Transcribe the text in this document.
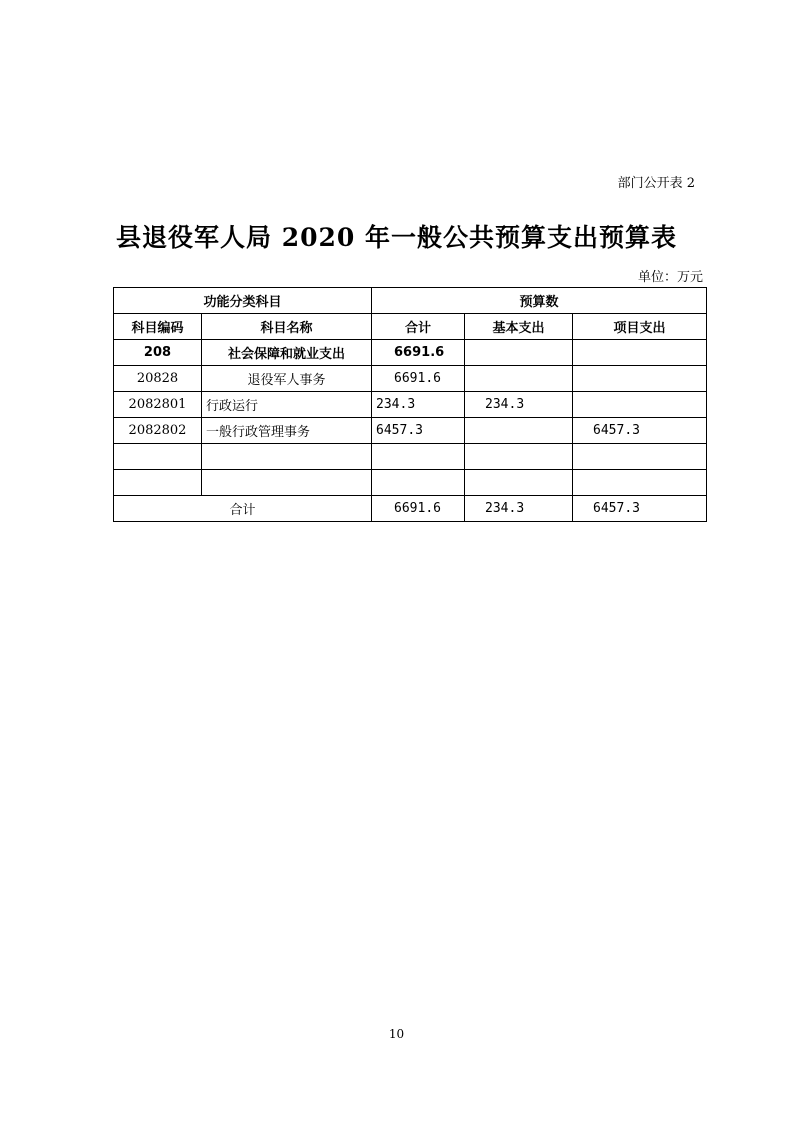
部门公开表 2
县退役军人局 2020 年一般公共预算支出预算表
单位：万元
功能分类科目		预算数		
科目编码	科目名称	合计	基本支出	项目支出
208	社会保障和就业支出	6691.6		
20828	退役军人事务	6691.6		
2082801	行政运行	234.3	234.3	
2082802	一般行政管理事务	6457.3		6457.3

合计		6691.6	234.3	6457.3
10
